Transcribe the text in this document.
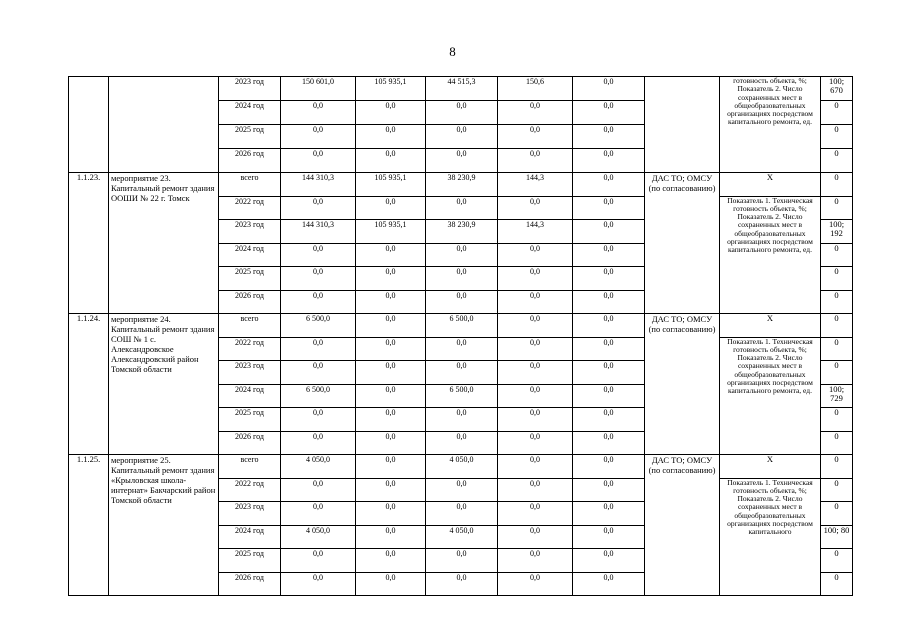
8
		2023 год	150 601,0	105 935,1	44 515,3	150,6	0,0		готовность объекта, %;
Показатель 2. Число сохраненных мест в общеобразовательных организациях посредством капитального ремонта, ед.	100; 670
		2024 год	0,0	0,0	0,0	0,0	0,0			0
		2025 год	0,0	0,0	0,0	0,0	0,0			0
		2026 год	0,0	0,0	0,0	0,0	0,0			0
1.1.23.	мероприятие 23. Капитальный ремонт здания ООШИ № 22 г. Томск	всего	144 310,3	105 935,1	38 230,9	144,3	0,0	ДАС ТО; ОМСУ (по согласованию)	X	0
		2022 год	0,0	0,0	0,0	0,0	0,0		Показатель 1. Техническая готовность объекта, %;
Показатель 2. Число сохраненных мест в общеобразовательных организациях посредством капитального ремонта, ед.	0
		2023 год	144 310,3	105 935,1	38 230,9	144,3	0,0			100; 192
		2024 год	0,0	0,0	0,0	0,0	0,0			0
		2025 год	0,0	0,0	0,0	0,0	0,0			0
		2026 год	0,0	0,0	0,0	0,0	0,0			0
1.1.24.	мероприятие 24. Капитальный ремонт здания СОШ № 1 с. Александровское Александровский район Томской области	всего	6 500,0	0,0	6 500,0	0,0	0,0	ДАС ТО; ОМСУ (по согласованию)	X	0
		2022 год	0,0	0,0	0,0	0,0	0,0		Показатель 1. Техническая готовность объекта, %;
Показатель 2. Число сохраненных мест в общеобразовательных организациях посредством капитального ремонта, ед.	0
		2023 год	0,0	0,0	0,0	0,0	0,0			0
		2024 год	6 500,0	0,0	6 500,0	0,0	0,0			100; 729
		2025 год	0,0	0,0	0,0	0,0	0,0			0
		2026 год	0,0	0,0	0,0	0,0	0,0			0
1.1.25.	мероприятие 25. Капитальный ремонт здания «Крыловская школа-интернат» Бакчарский район Томской области	всего	4 050,0	0,0	4 050,0	0,0	0,0	ДАС ТО; ОМСУ (по согласованию)	X	0
		2022 год	0,0	0,0	0,0	0,0	0,0		Показатель 1. Техническая готовность объекта, %;
Показатель 2. Число сохраненных мест в общеобразовательных организациях посредством капитального	0
		2023 год	0,0	0,0	0,0	0,0	0,0			0
		2024 год	4 050,0	0,0	4 050,0	0,0	0,0			100; 80
		2025 год	0,0	0,0	0,0	0,0	0,0			0
		2026 год	0,0	0,0	0,0	0,0	0,0			0
